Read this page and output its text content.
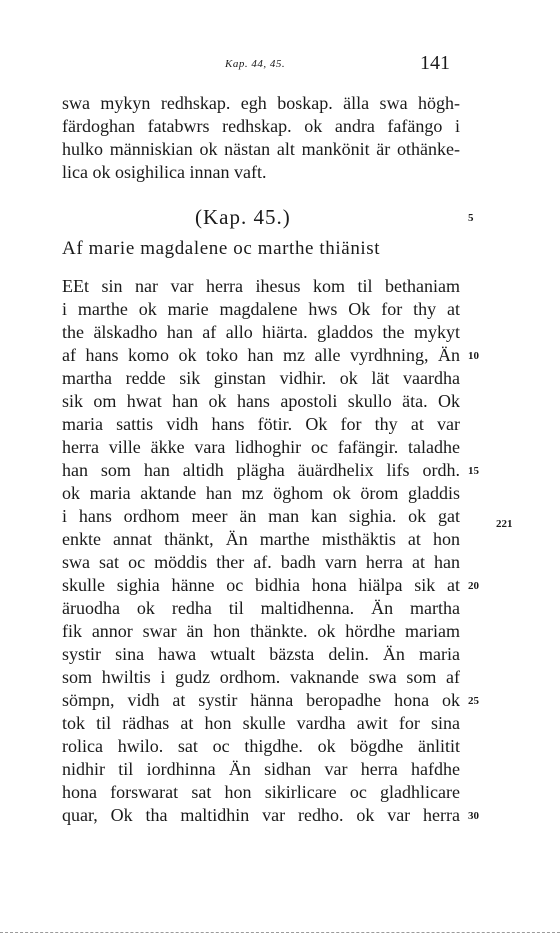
Kap. 44, 45.	141
swa mykyn redhskap. egh boskap. älla swa högh-
färdoghan fatabwrs redhskap. ok andra fafängo i
hulko människian ok nästan alt mankönit är othänke-
lica ok osighilica innan vaft.
(Kap. 45.)	5
Af marie magdalene oc marthe thiänist
EEt sin nar var herra ihesus kom til bethaniam
i marthe ok marie magdalene hws Ok for thy at
the älskadho han af allo hiärta. gladdos the mykyt
af hans komo ok toko han mz alle vyrdhning, Än
martha redde sik ginstan vidhir. ok lät vaardha
sik om hwat han ok hans apostoli skullo äta. Ok
maria sattis vidh hans fötir. Ok for thy at var
herra ville äkke vara lidhoghir oc fafängir. taladhe
han som han altidh plägha äuärdhelix lifs ordh.
ok maria aktande han mz öghom ok örom gladdis
i hans ordhom meer än man kan sighia. ok gat
enkte annat thänkt, Än marthe misthäktis at hon
swa sat oc möddis ther af. badh varn herra at han
skulle sighia hänne oc bidhia hona hiälpa sik at
äruodha ok redha til maltidhenna. Än martha
fik annor swar än hon thänkte. ok hördhe mariam
systir sina hawa wtualt bäzsta delin. Än maria
som hwiltis i gudz ordhom. vaknande swa som af
sömpn, vidh at systir hänna beropadhe hona ok
tok til rädhas at hon skulle vardha awit for sina
rolica hwilo. sat oc thigdhe. ok bögdhe änlitit
nidhir til iordhinna Än sidhan var herra hafdhe
hona forswarat sat hon sikirlicare oc gladhlicare
quar, Ok tha maltidhin var redho. ok var herra
10
15
221
20
25
30
